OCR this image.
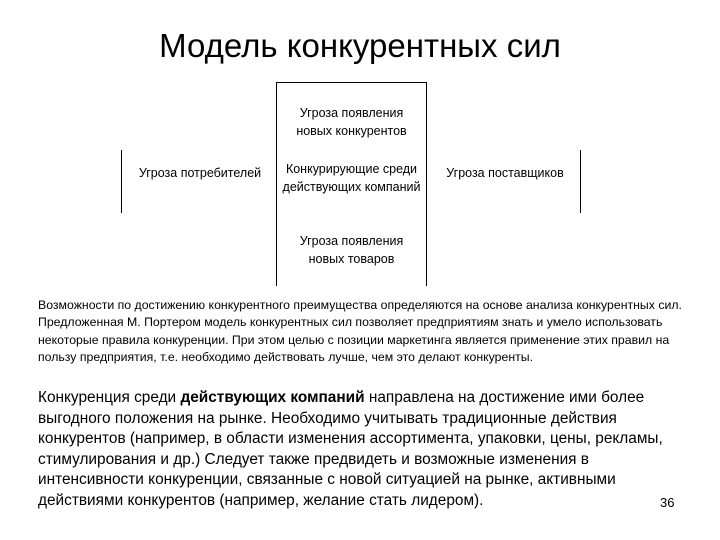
Модель конкурентных сил
Угроза появления новых конкурентов
Угроза потребителей	Конкурирующие среди действующих компаний
Угроза поставщиков
Угроза появления новых товаров
Возможности по достижению конкурентного преимущества определяются на основе анализа конкурентных сил. Предложенная М. Портером модель конкурентных сил позволяет предприятиям знать и умело использовать некоторые правила конкуренции. При этом целью с позиции маркетинга является применение этих правил на пользу предприятия, т.е. необходимо действовать лучше, чем это делают конкуренты.
Конкуренция среди действующих компаний направлена на достижение ими более выгодного положения на рынке. Необходимо учитывать традиционные действия конкурентов (например, в области изменения ассортимента, упаковки, цены, рекламы, стимулирования и др.) Следует также предвидеть и возможные изменения в интенсивности конкуренции, связанные с новой ситуацией на рынке, активными действиями конкурентов (например, желание стать лидером).	36
